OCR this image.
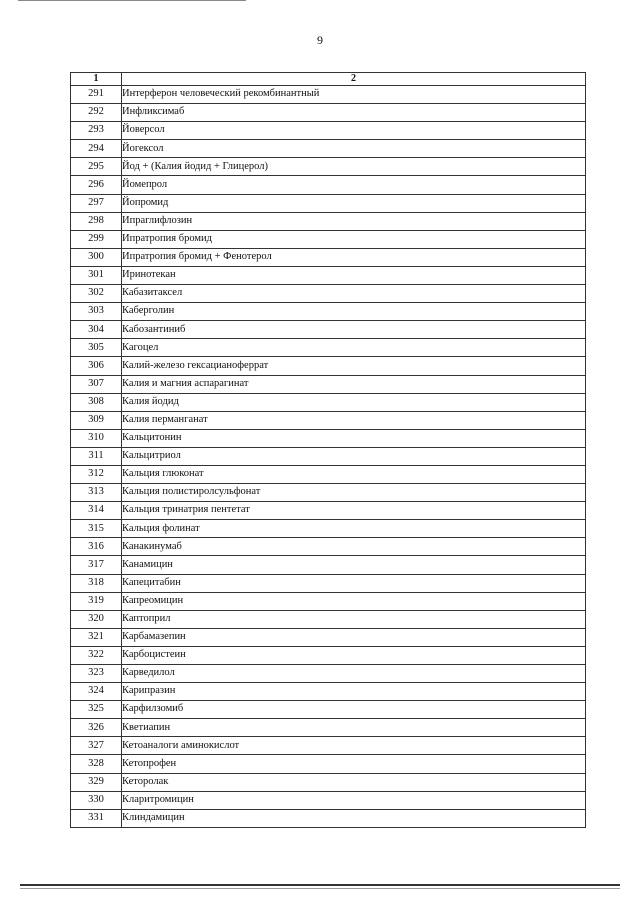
9
1	2
291	Интерферон человеческий рекомбинантный
292	Инфликсимаб
293	Йоверсол
294	Йогексол
295	Йод + (Калия йодид + Глицерол)
296	Йомепрол
297	Йопромид
298	Ипраглифлозин
299	Ипратропия бромид
300	Ипратропия бромид + Фенотерол
301	Иринотекан
302	Кабазитаксел
303	Каберголин
304	Кабозантиниб
305	Кагоцел
306	Калий-железо гексацианоферрат
307	Калия и магния аспарагинат
308	Калия йодид
309	Калия перманганат
310	Кальцитонин
311	Кальцитриол
312	Кальция глюконат
313	Кальция полистиролсульфонат
314	Кальция тринатрия пентетат
315	Кальция фолинат
316	Канакинумаб
317	Канамицин
318	Капецитабин
319	Капреомицин
320	Каптоприл
321	Карбамазепин
322	Карбоцистеин
323	Карведилол
324	Карипразин
325	Карфилзомиб
326	Кветиапин
327	Кетоаналоги аминокислот
328	Кетопрофен
329	Кеторолак
330	Кларитромицин
331	Клиндамицин
